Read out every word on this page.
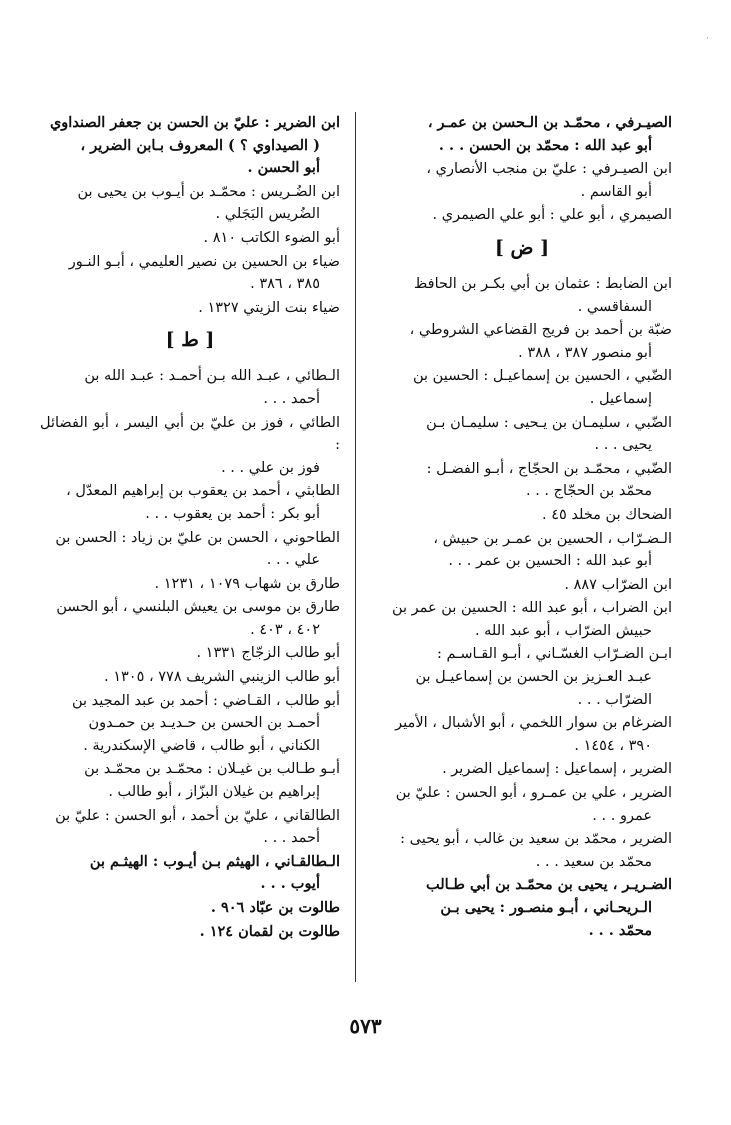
الصيـرفي ، محمّـد بن الـحسن بن عمـر ،
أبو عبد الله : محمّد بن الحسن . . .
ابن الصيـرفي : عليّ بن منجب الأنصاري ،
أبو القاسم .
الصيمري ، أبو علي : أبو علي الصيمري .
[ ض ]
ابن الضابط : عثمان بن أبي بكـر بن الحافظ
السفاقسي .
ضبّة بن أحمد بن فريج القضاعي الشروطي ،
أبو منصور ٣٨٧ ، ٣٨٨ .
الضّبي ، الحسين بن إسماعيـل : الحسين بن
إسماعيل .
الضّبي ، سليمـان بن يـحيى : سليمـان بـن
يحيى . . .
الضّبي ، محمّـد بن الحجّاج ، أبـو الفضـل :
محمّد بن الحجّاج . . .
الضحاك بن مخلد ٤٥ .
الـضـرّاب ، الحسين بن عمـر بن حبيش ،
أبو عبد الله : الحسين بن عمر . . .
ابن الضرّاب ٨٨٧ .
ابن الضراب ، أبو عبد الله : الحسين بن عمر بن
حبيش الضرّاب ، أبو عبد الله .
ابـن الضـرّاب الغسّـاني ، أبـو القـاسـم :
عبـد العـزيز بن الحسن بن إسماعيـل بن
الضرّاب . . .
الضرغام بن سوار اللخمي ، أبو الأشبال ، الأمير
٣٩٠ ، ١٤٥٤ .
الضرير ، إسماعيل : إسماعيل الضرير .
الضرير ، علي بن عمـرو ، أبو الحسن : عليّ بن
عمرو . . .
الضرير ، محمّد بن سعيد بن غالب ، أبو يحيى :
محمّد بن سعيد . . .
الضـريـر ، يحيى بن محمّـد بن أبي طـالب
الـريحـاني ، أبـو منصـور : يحيى بـن
محمّد . . .
ابن الضرير : عليّ بن الحسن بن جعفر الصنداوي
( الصيداوي ؟ ) المعروف بـابن الضرير ،
أبو الحسن .
ابن الضُـريس : محمّـد بن أيـوب بن يحيى بن
الضُريس البَجَلي .
أبو الضوء الكاتب ٨١٠ .
ضياء بن الحسين بن نصير العليمي ، أبـو النـور
٣٨٥ ، ٣٨٦ .
ضياء بنت الزيتي ١٣٢٧ .
[ ط ]
الـطائي ، عبـد الله بـن أحمـد : عبـد الله بن
أحمد . . .
الطائي ، فوز بن عليّ بن أبي اليسر ، أبو الفضائل :
فوز بن علي . . .
الطابثي ، أحمد بن يعقوب بن إبراهيم المعدّل ،
أبو بكر : أحمد بن يعقوب . . .
الطاحوني ، الحسن بن عليّ بن زياد : الحسن بن
علي . . .
طارق بن شهاب ١٠٧٩ ، ١٢٣١ .
طارق بن موسى بن يعيش البلنسي ، أبو الحسن
٤٠٢ ، ٤٠٣ .
أبو طالب الزجّاج ١٣٣١ .
أبو طالب الزينبي الشريف ٧٧٨ ، ١٣٠٥ .
أبو طالب ، القـاضي : أحمد بن عبد المجيد بن
أحمـد بن الحسن بن حـديـد بن حمـدون
الكناني ، أبو طالب ، قاضي الإسكندرية .
أبـو طـالب بن غيـلان : محمّـد بن محمّـد بن
إبراهيم بن غيلان البزّاز ، أبو طالب .
الطالقاني ، عليّ بن أحمد ، أبو الحسن : عليّ بن
أحمد . . .
الـطالقـاني ، الهيثم بـن أيـوب : الهيثـم بن
أيوب . . .
طالوت بن عبّاد ٩٠٦ .
طالوت بن لقمان ١٢٤ .
٥٧٣
·
